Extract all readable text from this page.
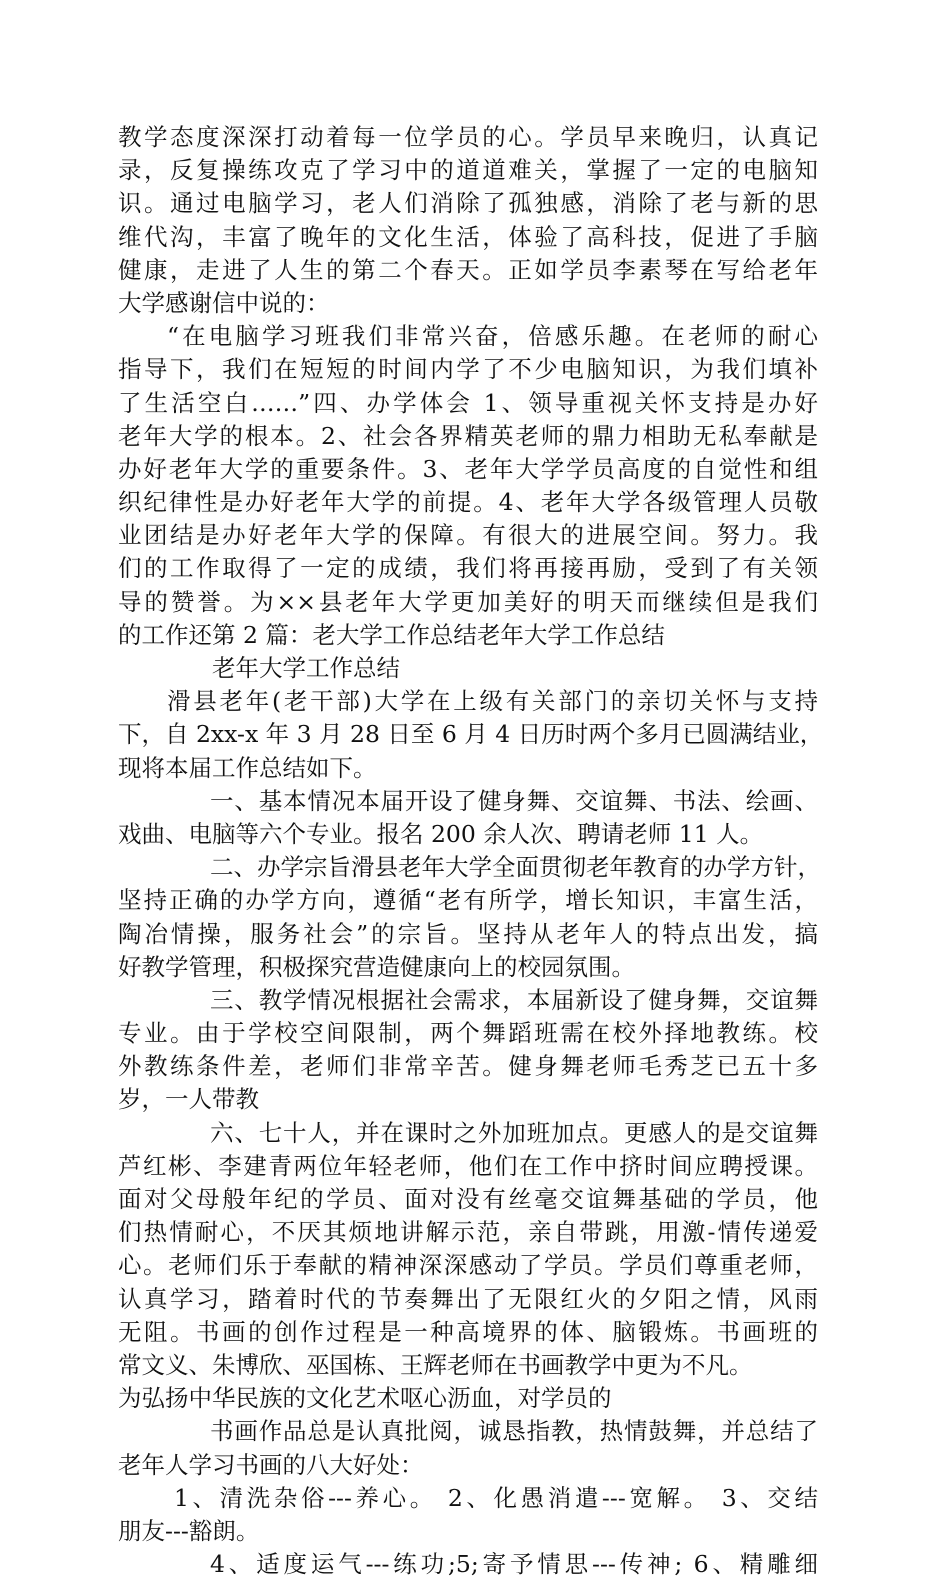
教学态度深深打动着每一位学员的心。学员早来晚归，认真记
录，反复操练攻克了学习中的道道难关，掌握了一定的电脑知
识。通过电脑学习，老人们消除了孤独感，消除了老与新的思
维代沟，丰富了晚年的文化生活，体验了高科技，促进了手脑
健康，走进了人生的第二个春天。正如学员李素琴在写给老年
大学感谢信中说的：
“在电脑学习班我们非常兴奋，倍感乐趣。在老师的耐心
指导下，我们在短短的时间内学了不少电脑知识，为我们填补
了生活空白……”四、办学体会 1、领导重视关怀支持是办好
老年大学的根本。2、社会各界精英老师的鼎力相助无私奉献是
办好老年大学的重要条件。3、老年大学学员高度的自觉性和组
织纪律性是办好老年大学的前提。4、老年大学各级管理人员敬
业团结是办好老年大学的保障。有很大的进展空间。努力。我
们的工作取得了一定的成绩，我们将再接再励，受到了有关领
导的赞誉。为××县老年大学更加美好的明天而继续但是我们
的工作还第 2 篇：老大学工作总结老年大学工作总结
老年大学工作总结
滑县老年(老干部)大学在上级有关部门的亲切关怀与支持
下，自 2xx-x 年 3 月 28 日至 6 月 4 日历时两个多月已圆满结业，
现将本届工作总结如下。
一、基本情况本届开设了健身舞、交谊舞、书法、绘画、
戏曲、电脑等六个专业。报名 200 余人次、聘请老师 11 人。
二、办学宗旨滑县老年大学全面贯彻老年教育的办学方针，
坚持正确的办学方向，遵循“老有所学，增长知识，丰富生活，
陶冶情操，服务社会”的宗旨。坚持从老年人的特点出发，搞
好教学管理，积极探究营造健康向上的校园氛围。
三、教学情况根据社会需求，本届新设了健身舞，交谊舞
专业。由于学校空间限制，两个舞蹈班需在校外择地教练。校
外教练条件差，老师们非常辛苦。健身舞老师毛秀芝已五十多
岁，一人带教
六、七十人，并在课时之外加班加点。更感人的是交谊舞
芦红彬、李建青两位年轻老师，他们在工作中挤时间应聘授课。
面对父母般年纪的学员、面对没有丝毫交谊舞基础的学员，他
们热情耐心，不厌其烦地讲解示范，亲自带跳，用激-情传递爱
心。老师们乐于奉献的精神深深感动了学员。学员们尊重老师，
认真学习，踏着时代的节奏舞出了无限红火的夕阳之情，风雨
无阻。书画的创作过程是一种高境界的体、脑锻炼。书画班的
常文义、朱博欣、巫国栋、王辉老师在书画教学中更为不凡。
为弘扬中华民族的文化艺术呕心沥血，对学员的
书画作品总是认真批阅，诚恳指教，热情鼓舞，并总结了
老年人学习书画的八大好处：
1、清洗杂俗---养心。 2、化愚消遣---宽解。 3、交结
朋友---豁朗。
4、适度运气---练功;5;寄予情思---传神; 6、精雕细
